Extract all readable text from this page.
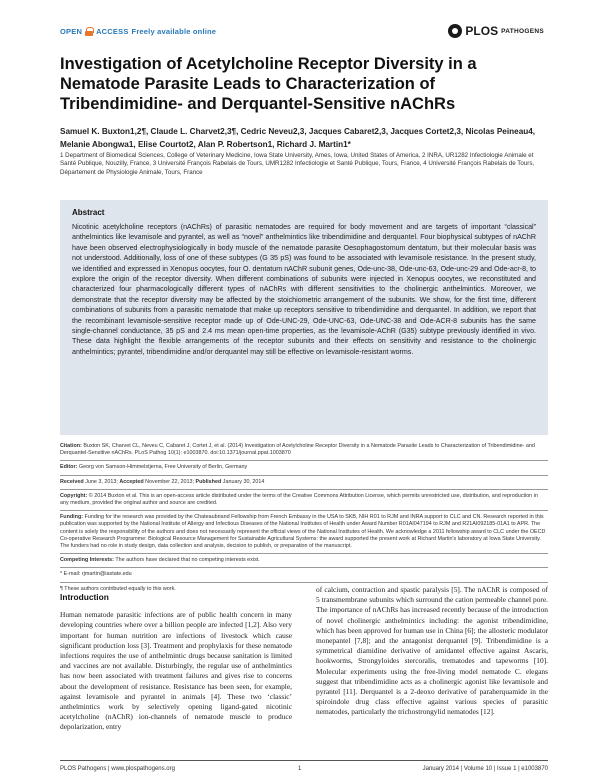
OPEN ACCESS Freely available online	PLOS PATHOGENS
Investigation of Acetylcholine Receptor Diversity in a Nematode Parasite Leads to Characterization of Tribendimidine- and Derquantel-Sensitive nAChRs
Samuel K. Buxton1,2¶, Claude L. Charvet2,3¶, Cedric Neveu2,3, Jacques Cabaret2,3, Jacques Cortet2,3, Nicolas Peineau4, Melanie Abongwa1, Elise Courtot2, Alan P. Robertson1, Richard J. Martin1*
1 Department of Biomedical Sciences, College of Veterinary Medicine, Iowa State University, Ames, Iowa, United States of America, 2 INRA, UR1282 Infectiologie Animale et Santé Publique, Nouzilly, France, 3 Université François Rabelais de Tours, UMR1282 Infectiologie et Santé Publique, Tours, France, 4 Université François Rabelais de Tours, Département de Physiologie Animale, Tours, France
Abstract

Nicotinic acetylcholine receptors (nAChRs) of parasitic nematodes are required for body movement and are targets of important “classical” anthelmintics like levamisole and pyrantel, as well as “novel” anthelmintics like tribendimidine and derquantel. Four biophysical subtypes of nAChR have been observed electrophysiologically in body muscle of the nematode parasite Oesophagostomum dentatum, but their molecular basis was not understood. Additionally, loss of one of these subtypes (G 35 pS) was found to be associated with levamisole resistance. In the present study, we identified and expressed in Xenopus oocytes, four O. dentatum nAChR subunit genes, Ode-unc-38, Ode-unc-63, Ode-unc-29 and Ode-acr-8, to explore the origin of the receptor diversity. When different combinations of subunits were injected in Xenopus oocytes, we reconstituted and characterized four pharmacologically different types of nAChRs with different sensitivities to the cholinergic anthelmintics. Moreover, we demonstrate that the receptor diversity may be affected by the stoichiometric arrangement of the subunits. We show, for the first time, different combinations of subunits from a parasitic nematode that make up receptors sensitive to tribendimidine and derquantel. In addition, we report that the recombinant levamisole-sensitive receptor made up of Ode-UNC-29, Ode-UNC-63, Ode-UNC-38 and Ode-ACR-8 subunits has the same single-channel conductance, 35 pS and 2.4 ms mean open-time properties, as the levamisole-AChR (G35) subtype previously identified in vivo. These data highlight the flexible arrangements of the receptor subunits and their effects on sensitivity and resistance to the cholinergic anthelmintics; pyrantel, tribendimidine and/or derquantel may still be effective on levamisole-resistant worms.

Citation: Buxton SK, Charvet CL, Neveu C, Cabaret J, Cortet J, et al. (2014) Investigation of Acetylcholine Receptor Diversity in a Nematode Parasite Leads to Characterization of Tribendimidine- and Derquantel-Sensitive nAChRs. PLoS Pathog 10(1): e1003870. doi:10.1371/journal.ppat.1003870
Editor: Georg von Samson-Himmelstjerna, Free University of Berlin, Germany
Received June 3, 2013; Accepted November 22, 2013; Published January 30, 2014
Copyright: © 2014 Buxton et al. This is an open-access article distributed under the terms of the Creative Commons Attribution License, which permits unrestricted use, distribution, and reproduction in any medium, provided the original author and source are credited.
Funding: Funding for the research was provided by the Chateaubriand Fellowship from French Embassy in the USA to SKB, NIH R01 to RJM and INRA support to CLC and CN. Research reported in this publication was supported by the National Institute of Allergy and Infectious Diseases of the National Institutes of Health under Award Number R01AI047194 to RJM and R21AI092185-01A1 to APR. The content is solely the responsibility of the authors and does not necessarily represent the official views of the National Institutes of Health. We acknowledge a 2011 fellowship award to CLC under the OECD Co-operative Research Programme: Biological Resource Management for Sustainable Agricultural Systems: the award supported the present work at Richard Martin's laboratory at Iowa State University. The funders had no role in study design, data collection and analysis, decision to publish, or preparation of the manuscript.
Competing Interests: The authors have declared that no competing interests exist.
* E-mail: rjmartin@iastate.edu
¶ These authors contributed equally to this work.
Introduction

Human nematode parasitic infections are of public health concern in many developing countries where over a billion people are infected [1,2]. Also very important for human nutrition are infections of livestock which cause significant production loss [3]. Treatment and prophylaxis for these nematode infections requires the use of anthelmintic drugs because sanitation is limited and vaccines are not available. Disturbingly, the regular use of anthelmintics has now been associated with treatment failures and gives rise to concerns about the development of resistance. Resistance has been seen, for example, against levamisole and pyrantel in animals [4]. These two ‘classic’ anthelmintics work by selectively opening ligand-gated nicotinic acetylcholine (nAChR) ion-channels of nematode muscle to produce depolarization, entry

of calcium, contraction and spastic paralysis [5]. The nAChR is composed of 5 transmembrane subunits which surround the cation permeable channel pore. The importance of nAChRs has increased recently because of the introduction of novel cholinergic anthelmintics including: the agonist tribendimidine, which has been approved for human use in China [6]; the allosteric modulator monepantel [7,8]; and the antagonist derquantel [9]. Tribendimidine is a symmetrical diamidine derivative of amidantel effective against Ascaris, hookworms, Strongyloides stercoralis, trematodes and tapeworms [10]. Molecular experiments using the free-living model nematode C. elegans suggest that tribendimidine acts as a cholinergic agonist like levamisole and pyrantel [11]. Derquantel is a 2-deoxo derivative of paraherquamide in the spiroindole drug class effective against various species of parasitic nematodes, particularly the trichostrongylid nematodes [12].

PLOS Pathogens | www.plospathogens.org	1	January 2014 | Volume 10 | Issue 1 | e1003870
